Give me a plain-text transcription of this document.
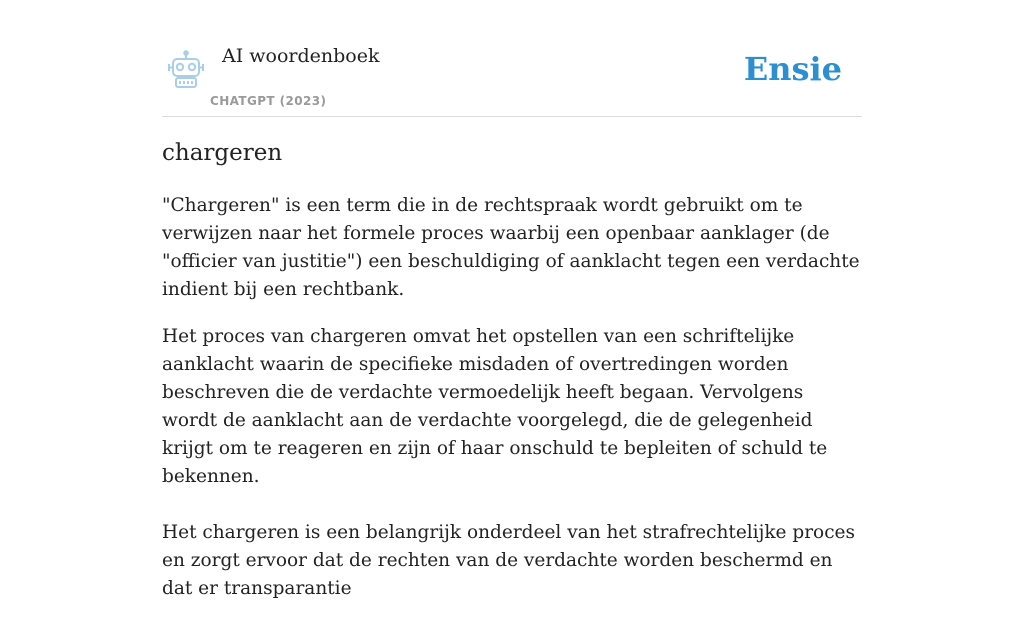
AI woordenboek
CHATGPT (2023)
Ensie
chargeren

"Chargeren" is een term die in de rechtspraak wordt gebruikt om te verwijzen naar het formele proces waarbij een openbaar aanklager (de "officier van justitie") een beschuldiging of aanklacht tegen een verdachte indient bij een rechtbank.

Het proces van chargeren omvat het opstellen van een schriftelijke aanklacht waarin de specifieke misdaden of overtredingen worden beschreven die de verdachte vermoedelijk heeft begaan. Vervolgens wordt de aanklacht aan de verdachte voorgelegd, die de gelegenheid krijgt om te reageren en zijn of haar onschuld te bepleiten of schuld te bekennen.

Het chargeren is een belangrijk onderdeel van het strafrechtelijke proces en zorgt ervoor dat de rechten van de verdachte worden beschermd en dat er transparantie
